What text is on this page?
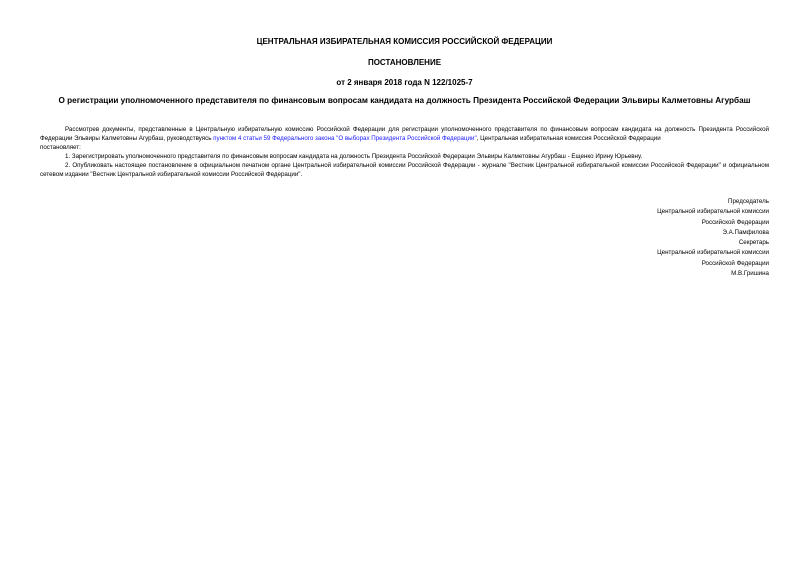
ЦЕНТРАЛЬНАЯ ИЗБИРАТЕЛЬНАЯ КОМИССИЯ РОССИЙСКОЙ ФЕДЕРАЦИИ
ПОСТАНОВЛЕНИЕ
от 2 января 2018 года N 122/1025-7
О регистрации уполномоченного представителя по финансовым вопросам кандидата на должность Президента Российской Федерации Эльвиры Калметовны Агурбаш

Рассмотрев документы, представленные в Центральную избирательную комиссию Российской Федерации для регистрации уполномоченного представителя по финансовым вопросам кандидата на должность Президента Российской Федерации Эльвиры Калметовны Агурбаш, руководствуясь пунктом 4 статьи 59 Федерального закона "О выборах Президента Российской Федерации", Центральная избирательная комиссия Российской Федерации

постановляет:

1. Зарегистрировать уполномоченного представителя по финансовым вопросам кандидата на должность Президента Российской Федерации Эльвиры Калметовны Агурбаш - Ещенко Ирину Юрьевну.

2. Опубликовать настоящее постановление в официальном печатном органе Центральной избирательной комиссии Российской Федерации - журнале "Вестник Центральной избирательной комиссии Российской Федерации" и официальном сетевом издании "Вестник Центральной избирательной комиссии Российской Федерации".

Председатель
Центральной избирательной комиссии
Российской Федерации
Э.А.Памфилова
Секретарь
Центральной избирательной комиссии
Российской Федерации
М.В.Гришина
